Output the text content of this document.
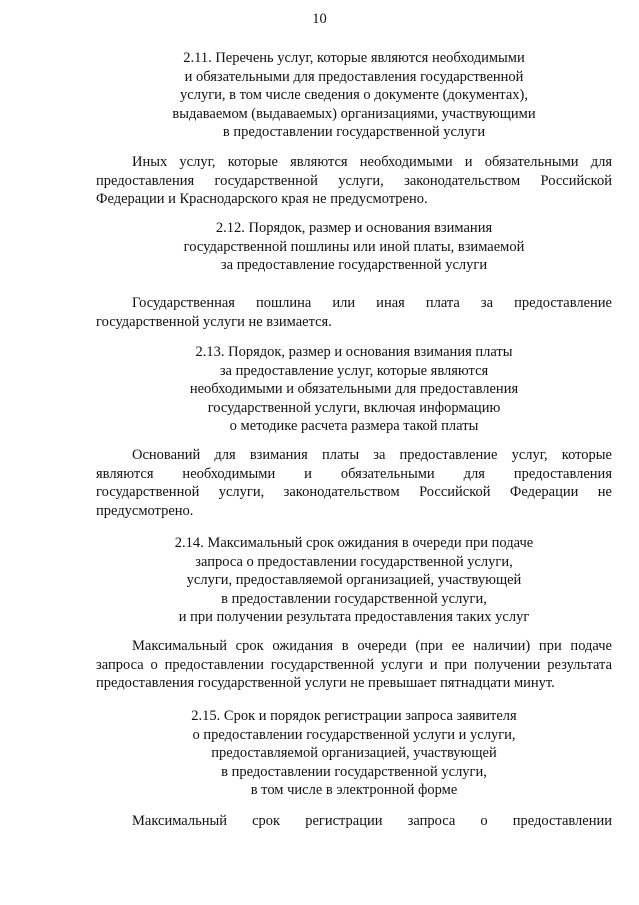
10
2.11. Перечень услуг, которые являются необходимыми
и обязательными для предоставления государственной
услуги, в том числе сведения о документе (документах),
выдаваемом (выдаваемых) организациями, участвующими
в предоставлении государственной услуги
Иных услуг, которые являются необходимыми и обязательными для
предоставления государственной услуги, законодательством Российской
Федерации и Краснодарского края не предусмотрено.
2.12. Порядок, размер и основания взимания
государственной пошлины или иной платы, взимаемой
за предоставление государственной услуги
Государственная пошлина или иная плата за предоставление
государственной услуги не взимается.
2.13. Порядок, размер и основания взимания платы
за предоставление услуг, которые являются
необходимыми и обязательными для предоставления
государственной услуги, включая информацию
о методике расчета размера такой платы
Оснований для взимания платы за предоставление услуг, которые
являются необходимыми и обязательными для предоставления
государственной услуги, законодательством Российской Федерации не
предусмотрено.
2.14. Максимальный срок ожидания в очереди при подаче
запроса о предоставлении государственной услуги,
услуги, предоставляемой организацией, участвующей
в предоставлении государственной услуги,
и при получении результата предоставления таких услуг
Максимальный срок ожидания в очереди (при ее наличии) при подаче
запроса о предоставлении государственной услуги и при получении результата
предоставления государственной услуги не превышает пятнадцати минут.
2.15. Срок и порядок регистрации запроса заявителя
о предоставлении государственной услуги и услуги,
предоставляемой организацией, участвующей
в предоставлении государственной услуги,
в том числе в электронной форме
Максимальный срок регистрации запроса о предоставлении
